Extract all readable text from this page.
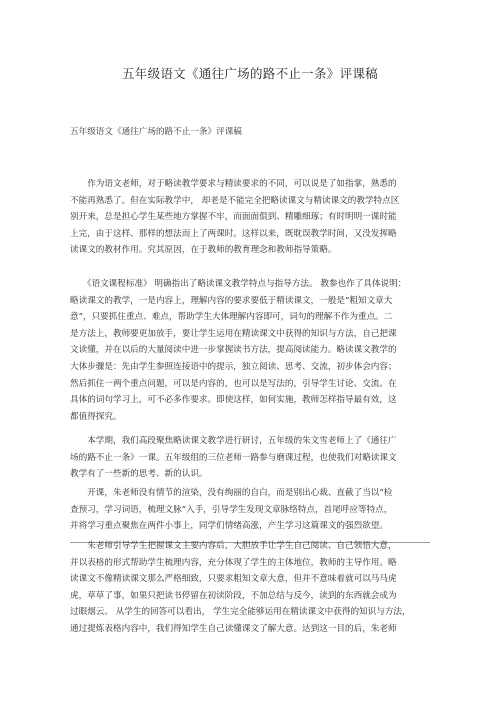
五年级语文《通往广场的路不止一条》评课稿
五年级语文《通往广场的路不止一条》评课稿
　　作为语文老师，对于略读教学要求与精读要求的不同，可以说是了如指掌，熟悉的
不能再熟悉了。但在实际教学中， 却老是不能完全把略读课文与精读课文的教学特点区
别开来，总是担心学生某些地方掌握不牢，而面面俱到、精雕细琢；有时明明一课时能
上完，由于这样、那样的想法而上了两课时。这样以来，既耽误教学时间，又没发挥略
读课文的教材作用。究其原因，在于教师的教育理念和教师指导策略。
　　《语文课程标准》 明确指出了略读课文教学特点与指导方法。 教参也作了具体说明：
略读课文的教学，一是内容上，理解内容的要求要低于精读课文，一般是“粗知文章大
意”，只要抓住重点、难点，帮助学生大体理解内容即可，词句的理解不作为重点。二
是方法上，教师要更加放手，要让学生运用在精读课文中获得的知识与方法，自己把课
文读懂，并在以后的大量阅读中进一步掌握读书方法，提高阅读能力。略读课文教学的
大体步骤是：先由学生参照连接语中的提示，独立阅读、思考、交流，初步体会内容；
然后抓住一两个重点问题，可以是内容的，也可以是写法的，引导学生讨论、交流。在
具体的词句学习上，可不必多作要求。即使这样，如何实施，教师怎样指导最有效，这
都值得探究。
　　本学期，我们高段聚焦略读课文教学进行研讨，五年级的朱文雪老师上了《通往广
场的路不止一条》一课。五年级组的三位老师一路参与磨课过程，也使我们对略读课文
教学有了一些新的思考、新的认识。
　　开课，朱老师没有情节的渲染，没有绚丽的自白，而是别出心裁、直截了当以“检
查预习，学习词语，梳理文脉”入手，引导学生发现文章脉络特点，首尾呼应等特点，
并将学习重点聚焦在两件小事上，同学们情绪高涨，产生学习这篇课文的强烈欲望。
　　朱老师引导学生把握课文主要内容后，大胆放手让学生自己阅读、自己领悟大意，
并以表格的形式帮助学生梳理内容，充分体现了学生的主体地位，教师的主导作用。略
读课文不像精读课文那么严格细致，只要求粗知文章大意，但并不意味着就可以马马虎
虎，草草了事，如果只把读书停留在初读阶段，不加总结与反今，读到的东西就会成为
过眼烟云。 从学生的回答可以看出， 学生完全能够运用在精读课文中获得的知识与方法，
通过提炼表格内容中，我们得知学生自己读懂课文了解大意。达到这一目的后，朱老师
